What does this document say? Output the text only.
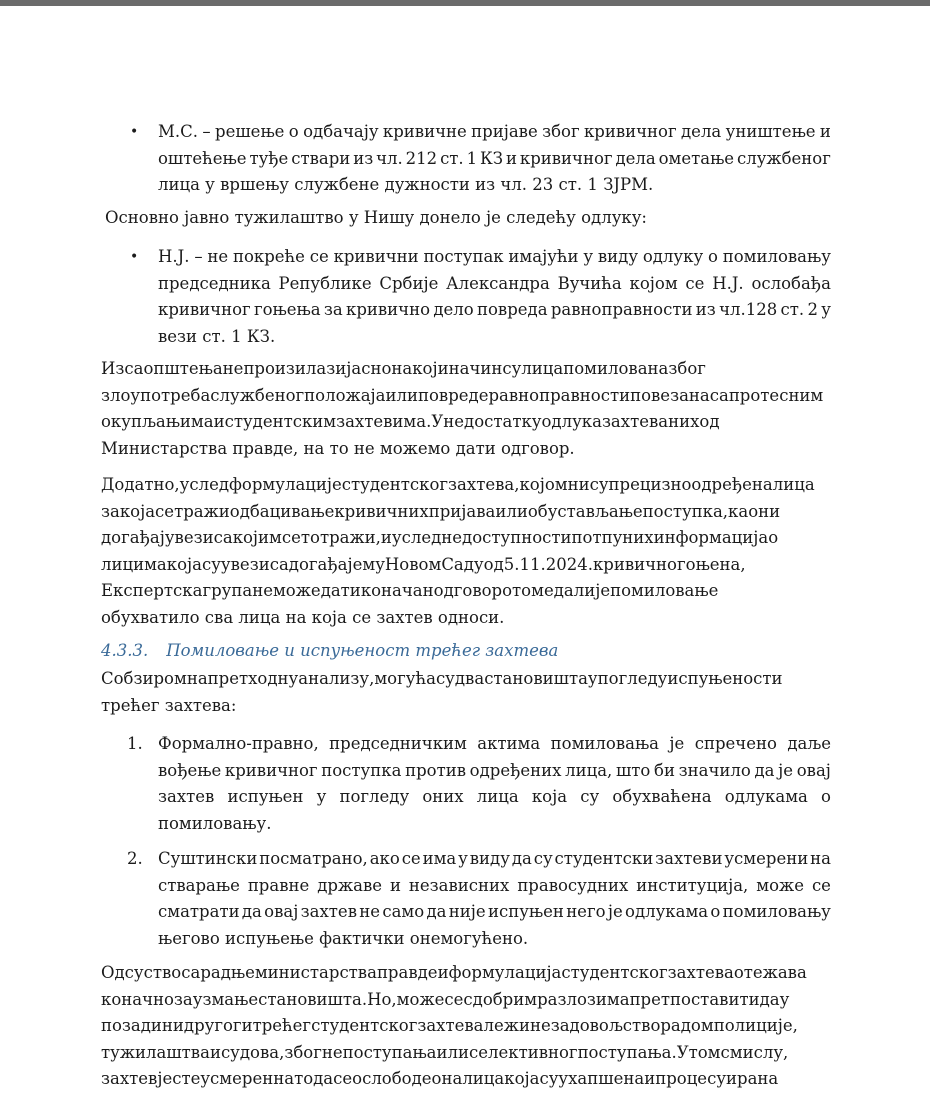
• М.С. – решење о одбачају кривичне пријаве због кривичног дела уништење и
оштећење туђе ствари из чл. 212 ст. 1 КЗ и кривичног дела ометање службеног
лица у вршењу службене дужности из чл. 23 ст. 1 ЗЈРМ.
Основно јавно тужилаштво у Нишу донело је следећу одлуку:
• Н.Ј. – не покреће се кривични поступак имајући у виду одлуку о помиловању
председника Републике Србије Александра Вучића којом се Н.Ј. ослобађа
кривичног гоњења за кривично дело повреда равноправности из чл.128 ст. 2 у
вези ст. 1 КЗ.
Изсаопштењанепроизилазијаснонакојиначинсулицапомилованазбог
злоупотребаслужбеногположајаилиповредеравноправностиповезанасапротесним
окупљањимаистудентскимзахтевима.Унедостаткуодлуказахтеваниход
Министарства правде, на то не можемо дати одговор.
Додатно,уследформулацијестудентскогзахтева,којомнисупрецизноодређеналица
закојасетражиодбацивањекривичнихпријаваилиобустављањепоступка,каони
догађајувезисакојимсетотражи,иуследнедоступностипотпунихинформацијао
лицимакојасуувезисадогађајемуНовомСадуод5.11.2024.кривичногоњена,
Експертскагрупанеможедатиконачанодговоротомедалијепомиловање
обухватило сва лица на која се захтев односи.
4.3.3. Помиловање и испуњеност трећег захтева
Собзиромнапретходнуанализу,могућасудвастановиштаупогледуиспуњености
трећег захтева:
1. Формално-правно, председничким актима помиловања је спречено даље
вођење кривичног поступка против одређених лица, што би значило да је овај
захтев испуњен у погледу оних лица која су обухваћена одлукама о
помиловању.
2. Суштински посматрано, ако се има у виду да су студентски захтеви усмерени на
стварање правне државе и независних правосудних институција, може се
сматрати да овај захтев не само да није испуњен него је одлукама о помиловању
његово испуњење фактички онемогућено.
Одсуствосарадњеминистарстваправдеиформулацијастудентскогзахтеваотежава
коначнозаузмањестановишта.Но,можесесдобримразлозимапретпоставитидау
позадинидругогитрећегстудентскогзахтевалежинезадовољстворадомполиције,
тужилаштваисудова,збогнепоступањаилиселективногпоступања.Утомсмислу,
захтевјестеусмереннатодасеослободеоналицакојасуухапшенаипроцесуирана
